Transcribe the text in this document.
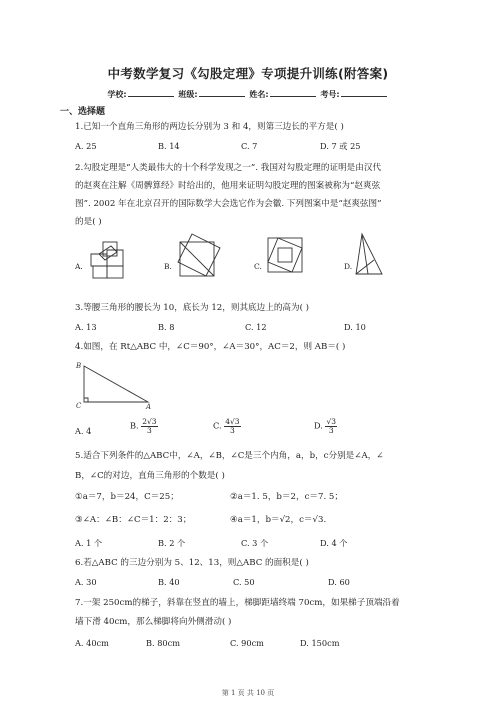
中考数学复习《勾股定理》专项提升训练(附答案)
学校:	班级:	姓名:	考号:
一、选择题
1.已知一个直角三角形的两边长分别为 3 和 4，则第三边长的平方是( )
A. 25	B. 14	C. 7	D. 7 或 25
2.勾股定理是“人类最伟大的十个科学发现之一”. 我国对勾股定理的证明是由汉代
的赵爽在注解《周髀算经》时给出的，他用来证明勾股定理的图案被称为“赵爽弦
图”. 2002 年在北京召开的国际数学大会选它作为会徽. 下列图案中是“赵爽弦图”
的是( )
A.	B.	C.	D.
3.等腰三角形的腰长为 10，底长为 12，则其底边上的高为( )
A. 13	B. 8	C. 12	D. 10
4.如图，在 Rt△ABC 中，∠C＝90°，∠A＝30°，AC＝2，则 AB＝( )
B
C	A
A. 4
B. $\frac{2√3}{3}$	C. $\frac{4√3}{3}$	D. $\frac{√3}{3}$
5.适合下列条件的△ABC中，∠A，∠B，∠C是三个内角，a，b，c分别是∠A，∠
B，∠C的对边，直角三角形的个数是( )
①a＝7，b＝24，C＝25；	②a＝1. 5，b＝2，c＝7. 5；
③∠A：∠B：∠C＝1：2：3；	④a＝1，b＝√2，c＝√3.
A. 1 个	B. 2 个	C. 3 个	D. 4 个
6.若△ABC 的三边分别为 5、12、13，则△ABC 的面积是( )
A. 30	B. 40	C. 50	D. 60
7.一架 250cm的梯子，斜靠在竖直的墙上，梯脚距墙终端 70cm，如果梯子顶端沿着
墙下滑 40cm，那么梯脚将向外侧滑动( )
A. 40cm	B. 80cm	C. 90cm	D. 150cm
第 1 页 共 10 页
